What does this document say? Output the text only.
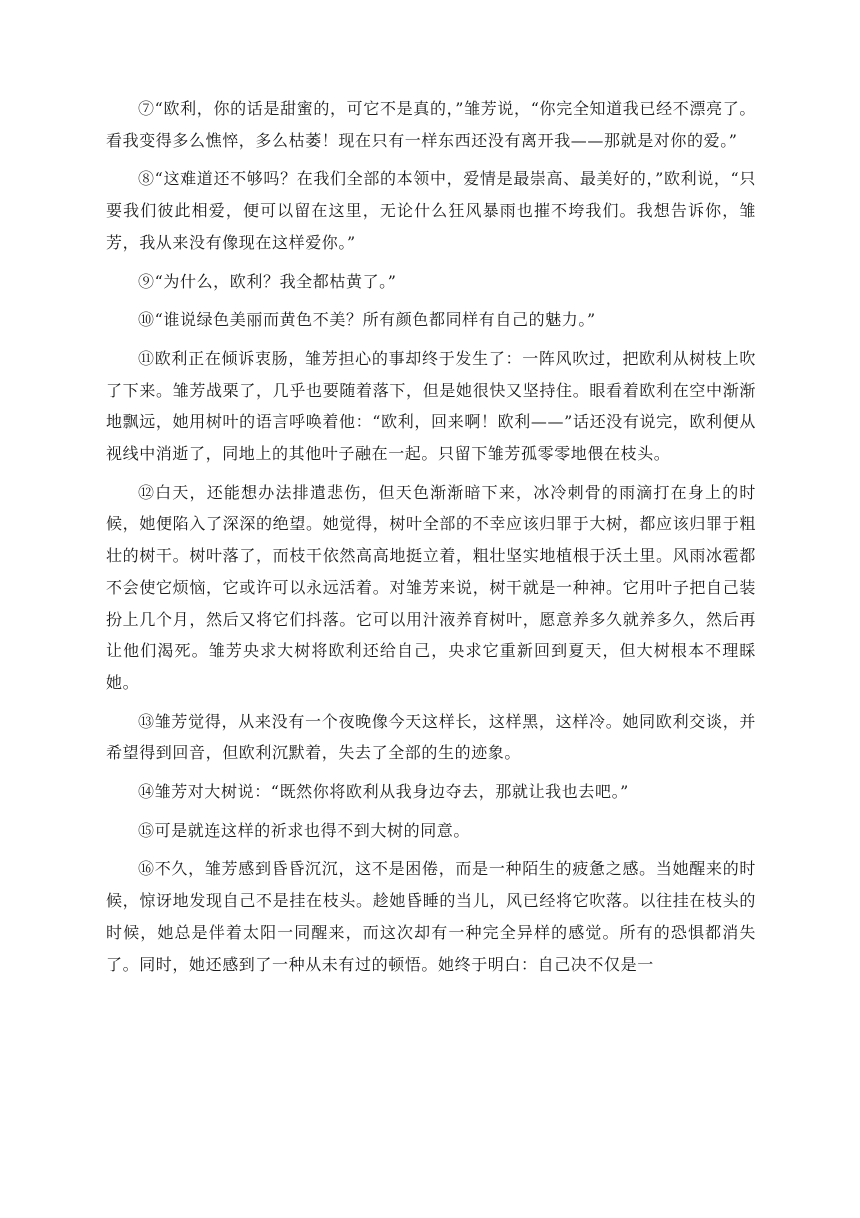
⑦“欧利，你的话是甜蜜的，可它不是真的，”雏芳说，“你完全知道我已经不漂亮了。看我变得多么憔悴，多么枯萎！现在只有一样东西还没有离开我——那就是对你的爱。”

⑧“这难道还不够吗？在我们全部的本领中，爱情是最崇高、最美好的，”欧利说，“只要我们彼此相爱，便可以留在这里，无论什么狂风暴雨也摧不垮我们。我想告诉你，雏芳，我从来没有像现在这样爱你。”

⑨“为什么，欧利？我全都枯黄了。”

⑩“谁说绿色美丽而黄色不美？所有颜色都同样有自己的魅力。”

⑪欧利正在倾诉衷肠，雏芳担心的事却终于发生了：一阵风吹过，把欧利从树枝上吹了下来。雏芳战栗了，几乎也要随着落下，但是她很快又坚持住。眼看着欧利在空中渐渐地飘远，她用树叶的语言呼唤着他：“欧利，回来啊！欧利——”话还没有说完，欧利便从视线中消逝了，同地上的其他叶子融在一起。只留下雏芳孤零零地偎在枝头。

⑫白天，还能想办法排遣悲伤，但天色渐渐暗下来，冰冷刺骨的雨滴打在身上的时候，她便陷入了深深的绝望。她觉得，树叶全部的不幸应该归罪于大树，都应该归罪于粗壮的树干。树叶落了，而枝干依然高高地挺立着，粗壮坚实地植根于沃土里。风雨冰雹都不会使它烦恼，它或许可以永远活着。对雏芳来说，树干就是一种神。它用叶子把自己装扮上几个月，然后又将它们抖落。它可以用汁液养育树叶，愿意养多久就养多久，然后再让他们渴死。雏芳央求大树将欧利还给自己，央求它重新回到夏天，但大树根本不理睬她。

⑬雏芳觉得，从来没有一个夜晚像今天这样长，这样黑，这样冷。她同欧利交谈，并希望得到回音，但欧利沉默着，失去了全部的生的迹象。

⑭雏芳对大树说：“既然你将欧利从我身边夺去，那就让我也去吧。”

⑮可是就连这样的祈求也得不到大树的同意。

⑯不久，雏芳感到昏昏沉沉，这不是困倦，而是一种陌生的疲惫之感。当她醒来的时候，惊讶地发现自己不是挂在枝头。趁她昏睡的当儿，风已经将它吹落。以往挂在枝头的时候，她总是伴着太阳一同醒来，而这次却有一种完全异样的感觉。所有的恐惧都消失了。同时，她还感到了一种从未有过的顿悟。她终于明白：自己决不仅是一
